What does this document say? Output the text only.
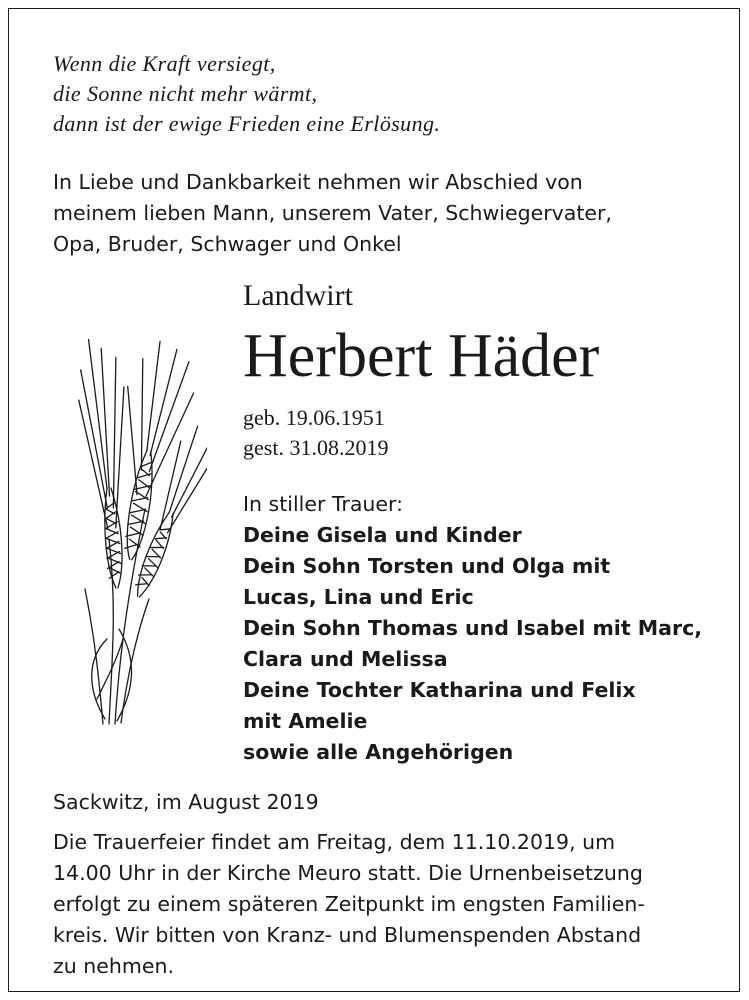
Wenn die Kraft versiegt,
die Sonne nicht mehr wärmt,
dann ist der ewige Frieden eine Erlösung.
In Liebe und Dankbarkeit nehmen wir Abschied von
meinem lieben Mann, unserem Vater, Schwiegervater,
Opa, Bruder, Schwager und Onkel
Landwirt
Herbert Häder
geb. 19.06.1951
gest. 31.08.2019
In stiller Trauer:
Deine Gisela und Kinder
Dein Sohn Torsten und Olga mit
Lucas, Lina und Eric
Dein Sohn Thomas und Isabel mit Marc,
Clara und Melissa
Deine Tochter Katharina und Felix
mit Amelie
sowie alle Angehörigen
Sackwitz, im August 2019
Die Trauerfeier findet am Freitag, dem 11.10.2019, um
14.00 Uhr in der Kirche Meuro statt. Die Urnenbeisetzung
erfolgt zu einem späteren Zeitpunkt im engsten Familien-
kreis. Wir bitten von Kranz- und Blumenspenden Abstand
zu nehmen.
